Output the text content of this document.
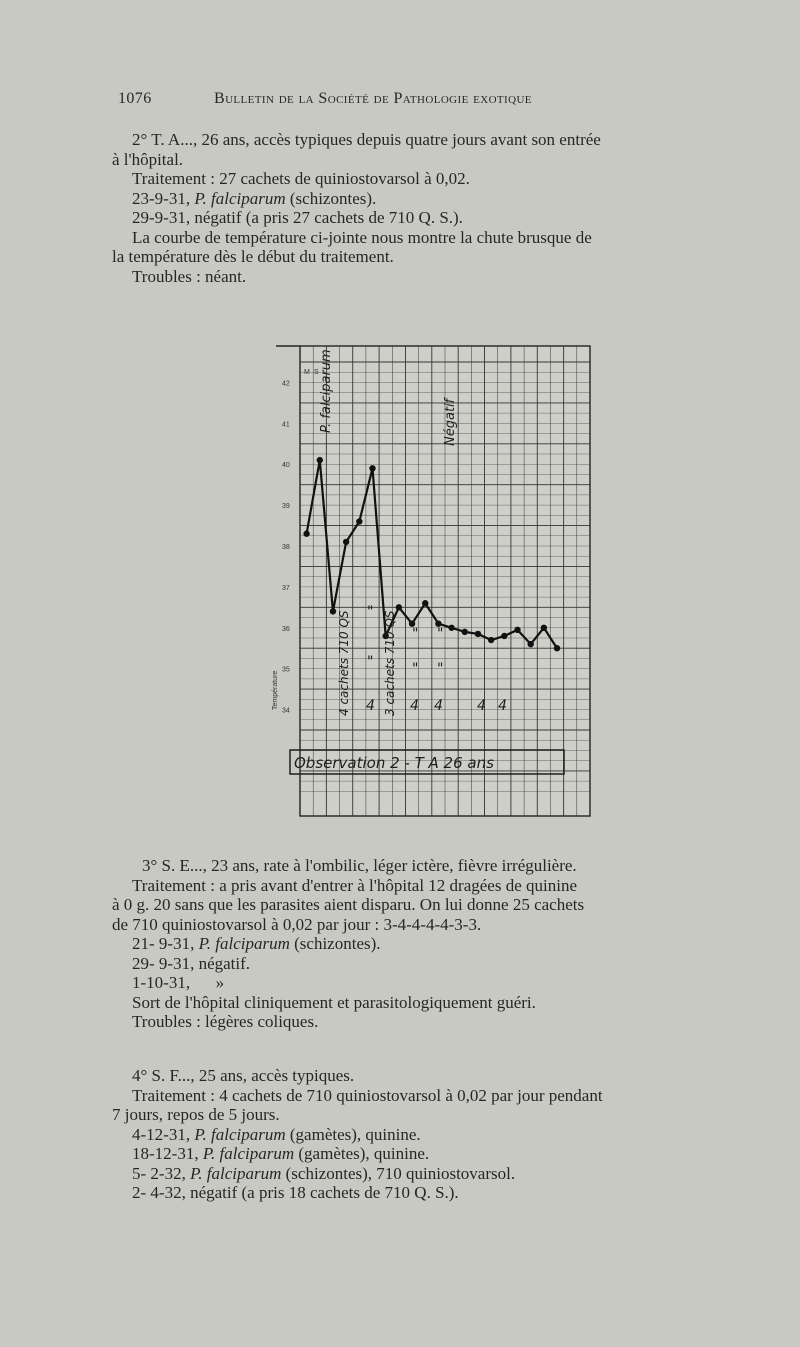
1076	Bulletin de la Société de Pathologie exotique

2° T. A..., 26 ans, accès typiques depuis quatre jours avant son entrée

à l'hôpital.

Traitement : 27 cachets de quiniostovarsol à 0,02.

23-9-31, P. falciparum (schizontes).

29-9-31, négatif (a pris 27 cachets de 710 Q. S.).

La courbe de température ci-jointe nous montre la chute brusque de

la température dès le début du traitement.

Troubles : néant.

42
41
40
39
38
37
36
35
34
Température
M S P. falciparum	Négatif
4 cachets 710 QS	3 cachets 710 QS
"
"
"
"
"
"
4	4 4 4 4
Observation 2 - T A 26 ans

3° S. E..., 23 ans, rate à l'ombilic, léger ictère, fièvre irrégulière.

Traitement : a pris avant d'entrer à l'hôpital 12 dragées de quinine

à 0 g. 20 sans que les parasites aient disparu. On lui donne 25 cachets

de 710 quiniostovarsol à 0,02 par jour : 3-4-4-4-4-3-3.

21- 9-31, P. falciparum (schizontes).

29- 9-31, négatif.

1-10-31,      »

Sort de l'hôpital cliniquement et parasitologiquement guéri.

Troubles : légères coliques.

4° S. F..., 25 ans, accès typiques.

Traitement : 4 cachets de 710 quiniostovarsol à 0,02 par jour pendant

7 jours, repos de 5 jours.

4-12-31, P. falciparum (gamètes), quinine.

18-12-31, P. falciparum (gamètes), quinine.

5- 2-32, P. falciparum (schizontes), 710 quiniostovarsol.

2- 4-32, négatif (a pris 18 cachets de 710 Q. S.).
